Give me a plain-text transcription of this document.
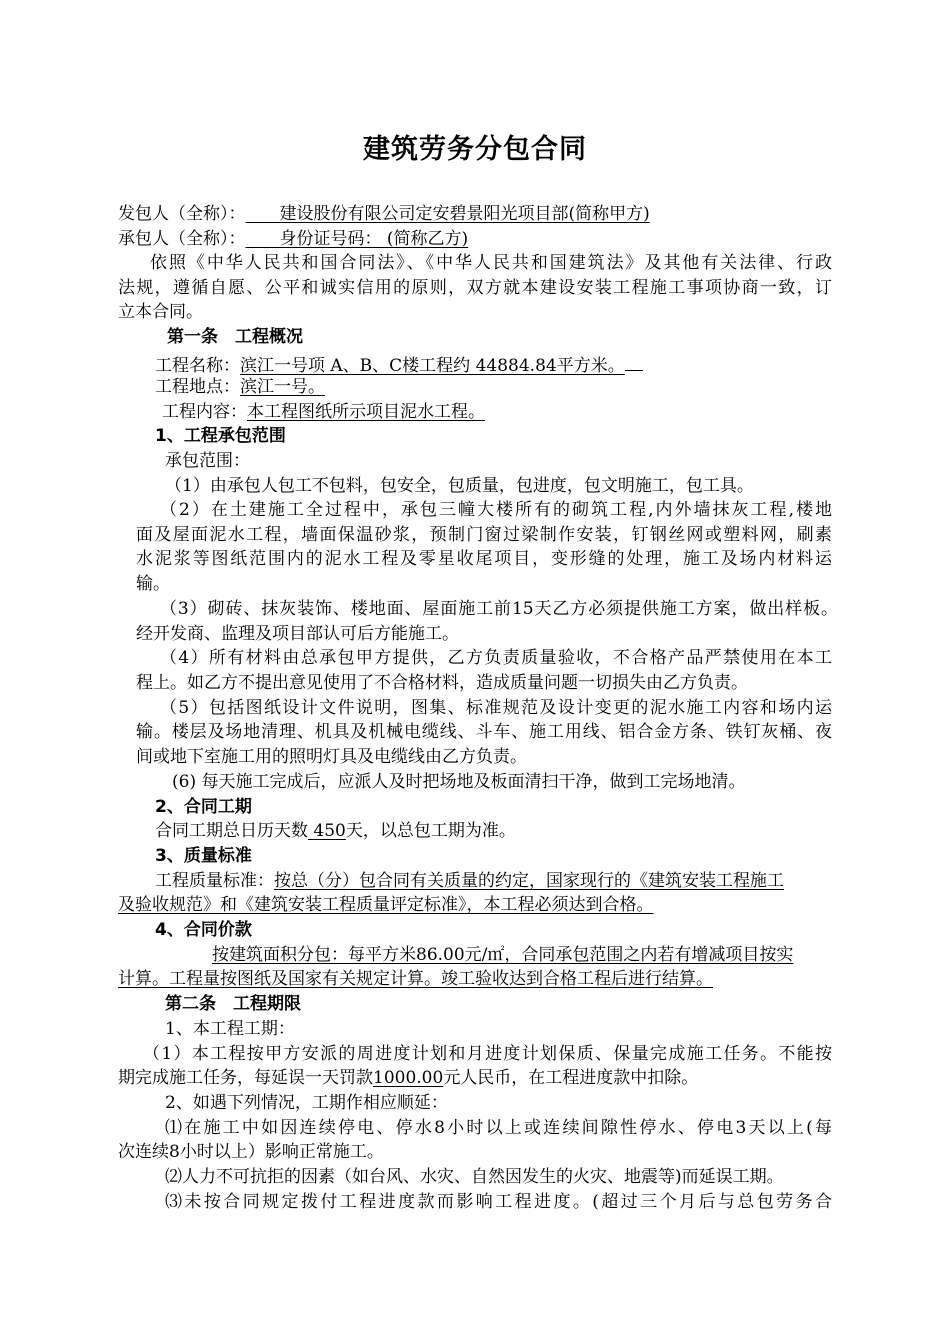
建筑劳务分包合同
发包人（全称）：   建设股份有限公司定安碧景阳光项目部(简称甲方)
承包人（全称）：   身份证号码： (简称乙方)
依照《中华人民共和国合同法》、《中华人民共和国建筑法》及其他有关法律、行政
法规，遵循自愿、公平和诚实信用的原则，双方就本建设安装工程施工事项协商一致，订
立本合同。
第一条　工程概况
工程名称：滨江一号项 A、B、C楼工程约 44884.84平方米。
工程地点：滨江一号。
工程内容：本工程图纸所示项目泥水工程。
1、工程承包范围
承包范围：
（1）由承包人包工不包料，包安全，包质量，包进度，包文明施工，包工具。
（2）在土建施工全过程中，承包三幢大楼所有的砌筑工程,内外墙抹灰工程,楼地
面及屋面泥水工程，墙面保温砂浆，预制门窗过梁制作安装，钉钢丝网或塑料网，刷素
水泥浆等图纸范围内的泥水工程及零星收尾项目，变形缝的处理，施工及场内材料运
输。
（3）砌砖、抹灰装饰、楼地面、屋面施工前15天乙方必须提供施工方案，做出样板。
经开发商、监理及项目部认可后方能施工。
（4）所有材料由总承包甲方提供，乙方负责质量验收，不合格产品严禁使用在本工
程上。如乙方不提出意见使用了不合格材料，造成质量问题一切损失由乙方负责。
（5）包括图纸设计文件说明，图集、标准规范及设计变更的泥水施工内容和场内运
输。楼层及场地清理、机具及机械电缆线、斗车、施工用线、铝合金方条、铁钉灰桶、夜
间或地下室施工用的照明灯具及电缆线由乙方负责。
(6) 每天施工完成后，应派人及时把场地及板面清扫干净，做到工完场地清。
2、合同工期
合同工期总日历天数 450天，以总包工期为准。
3、质量标准
工程质量标准：按总（分）包合同有关质量的约定，国家现行的《建筑安装工程施工
及验收规范》和《建筑安装工程质量评定标准》，本工程必须达到合格。
4、合同价款
按建筑面积分包：每平方米86.00元/㎡，合同承包范围之内若有增减项目按实
计算。工程量按图纸及国家有关规定计算。竣工验收达到合格工程后进行结算。
第二条　工程期限
1、本工程工期：
（1）本工程按甲方安派的周进度计划和月进度计划保质、保量完成施工任务。不能按
期完成施工任务，每延误一天罚款1000.00元人民币，在工程进度款中扣除。
2、如遇下列情况，工期作相应顺延：
⑴在施工中如因连续停电、停水8小时以上或连续间隙性停水、停电3天以上(每
次连续8小时以上）影响正常施工。
⑵人力不可抗拒的因素（如台风、水灾、自然因发生的火灾、地震等)而延误工期。
⑶未按合同规定拨付工程进度款而影响工程进度。(超过三个月后与总包劳务合
